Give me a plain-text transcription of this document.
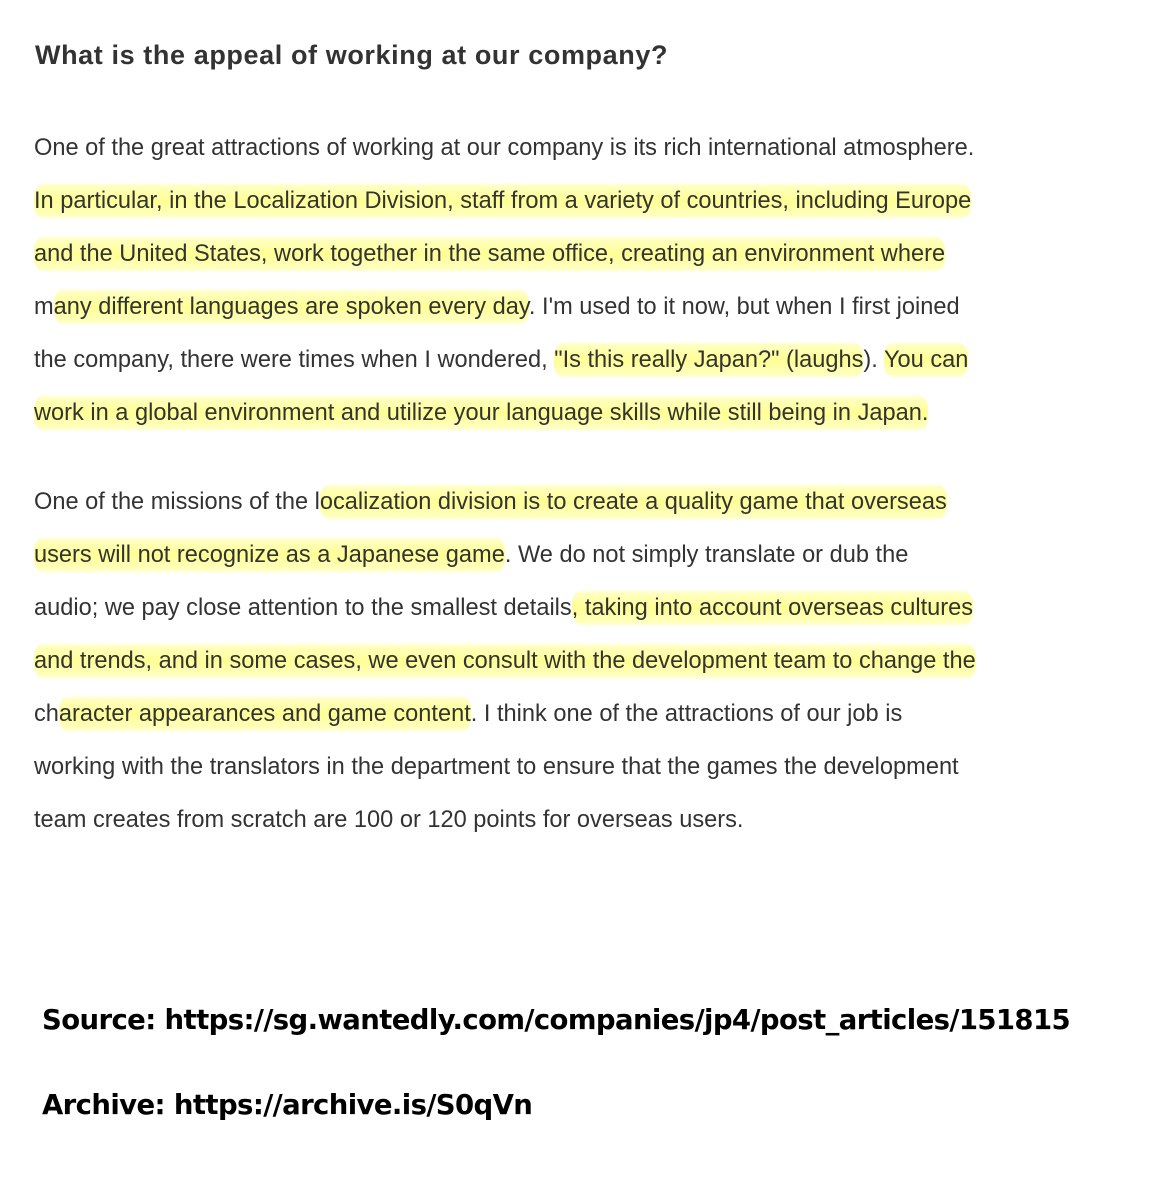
What is the appeal of working at our company?
One of the great attractions of working at our company is its rich international atmosphere.
In particular, in the Localization Division, staff from a variety of countries, including Europe
and the United States, work together in the same office, creating an environment where
many different languages are spoken every day. I'm used to it now, but when I first joined
the company, there were times when I wondered, "Is this really Japan?" (laughs). You can
work in a global environment and utilize your language skills while still being in Japan.
One of the missions of the localization division is to create a quality game that overseas
users will not recognize as a Japanese game. We do not simply translate or dub the
audio; we pay close attention to the smallest details, taking into account overseas cultures
and trends, and in some cases, we even consult with the development team to change the
character appearances and game content. I think one of the attractions of our job is
working with the translators in the department to ensure that the games the development
team creates from scratch are 100 or 120 points for overseas users.
Source: https://sg.wantedly.com/companies/jp4/post_articles/151815
Archive: https://archive.is/S0qVn
